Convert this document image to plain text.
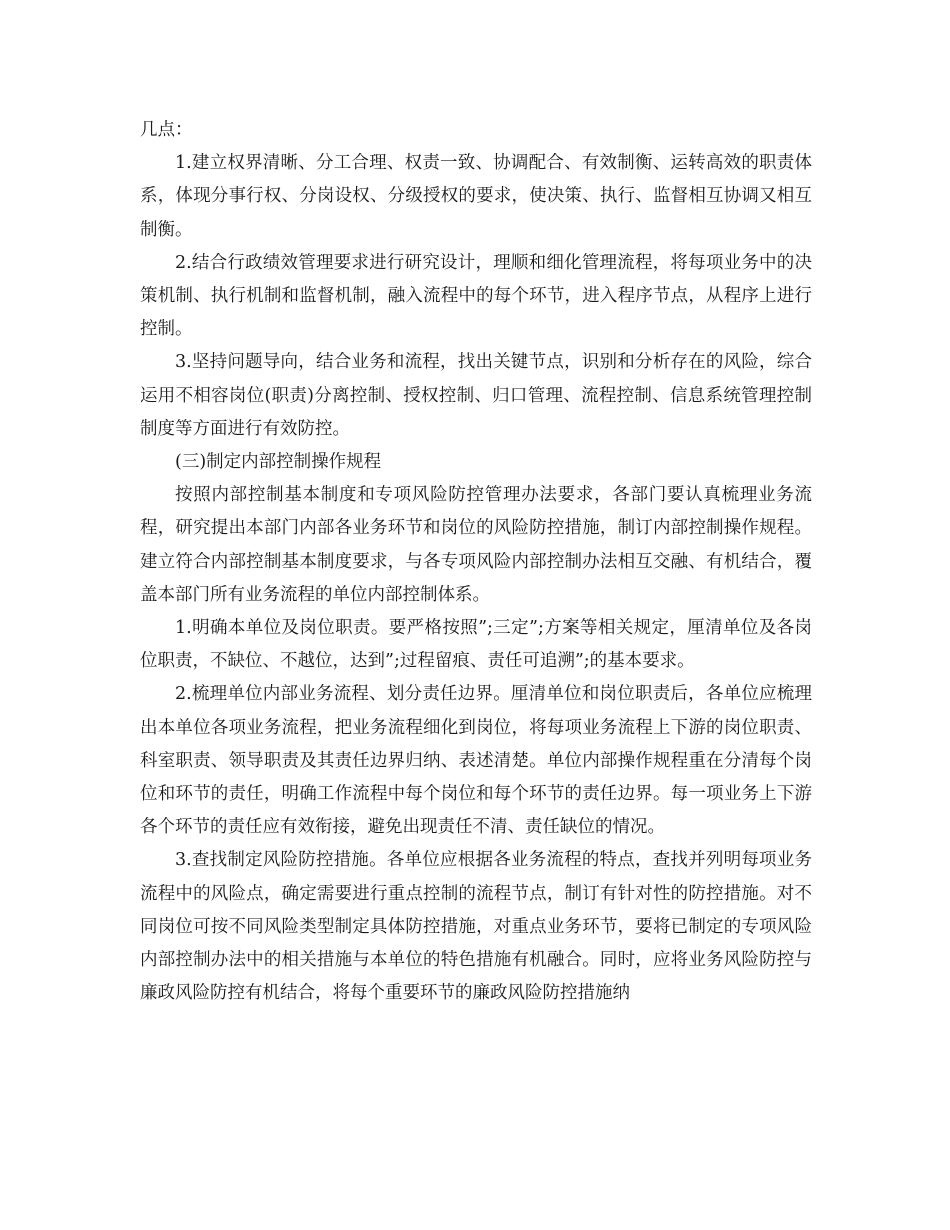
几点：

1.建立权界清晰、分工合理、权责一致、协调配合、有效制衡、运转高效的职责体系，体现分事行权、分岗设权、分级授权的要求，使决策、执行、监督相互协调又相互制衡。

2.结合行政绩效管理要求进行研究设计，理顺和细化管理流程，将每项业务中的决策机制、执行机制和监督机制，融入流程中的每个环节，进入程序节点，从程序上进行控制。

3.坚持问题导向，结合业务和流程，找出关键节点，识别和分析存在的风险，综合运用不相容岗位(职责)分离控制、授权控制、归口管理、流程控制、信息系统管理控制制度等方面进行有效防控。

(三)制定内部控制操作规程

按照内部控制基本制度和专项风险防控管理办法要求，各部门要认真梳理业务流程，研究提出本部门内部各业务环节和岗位的风险防控措施，制订内部控制操作规程。建立符合内部控制基本制度要求，与各专项风险内部控制办法相互交融、有机结合，覆盖本部门所有业务流程的单位内部控制体系。

1.明确本单位及岗位职责。要严格按照”;三定”;方案等相关规定，厘清单位及各岗位职责，不缺位、不越位，达到”;过程留痕、责任可追溯”;的基本要求。

2.梳理单位内部业务流程、划分责任边界。厘清单位和岗位职责后，各单位应梳理出本单位各项业务流程，把业务流程细化到岗位，将每项业务流程上下游的岗位职责、科室职责、领导职责及其责任边界归纳、表述清楚。单位内部操作规程重在分清每个岗位和环节的责任，明确工作流程中每个岗位和每个环节的责任边界。每一项业务上下游各个环节的责任应有效衔接，避免出现责任不清、责任缺位的情况。

3.查找制定风险防控措施。各单位应根据各业务流程的特点，查找并列明每项业务流程中的风险点，确定需要进行重点控制的流程节点，制订有针对性的防控措施。对不同岗位可按不同风险类型制定具体防控措施，对重点业务环节，要将已制定的专项风险内部控制办法中的相关措施与本单位的特色措施有机融合。同时，应将业务风险防控与廉政风险防控有机结合，将每个重要环节的廉政风险防控措施纳
